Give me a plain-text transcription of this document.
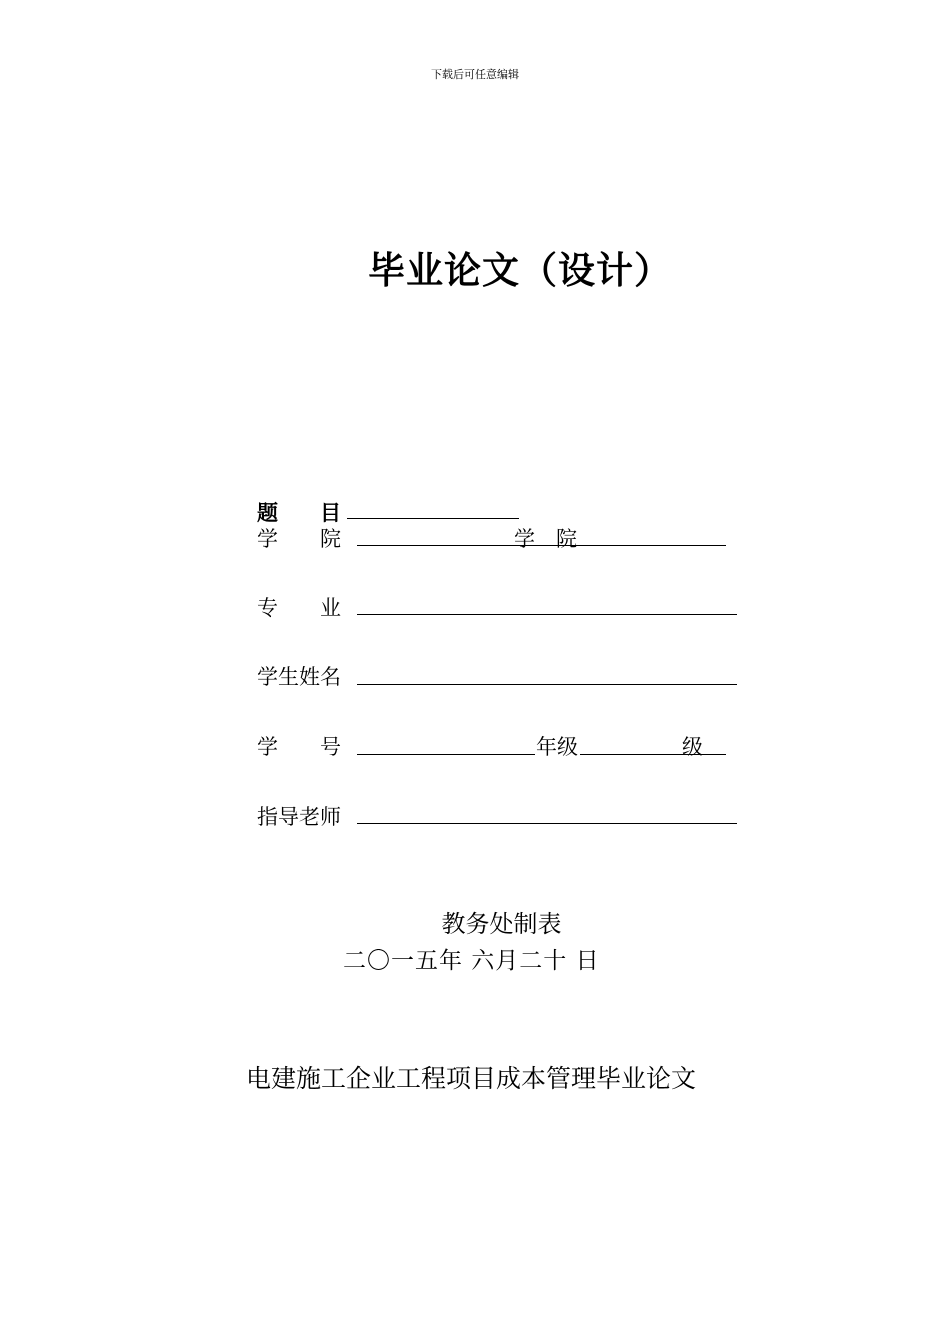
下载后可任意编辑
毕业论文（设计）
题　　目
学　　院	学　院
专　　业
学生姓名
学　　号	年级	级
指导老师
教务处制表
二〇一五年 六月二十 日
电建施工企业工程项目成本管理毕业论文
